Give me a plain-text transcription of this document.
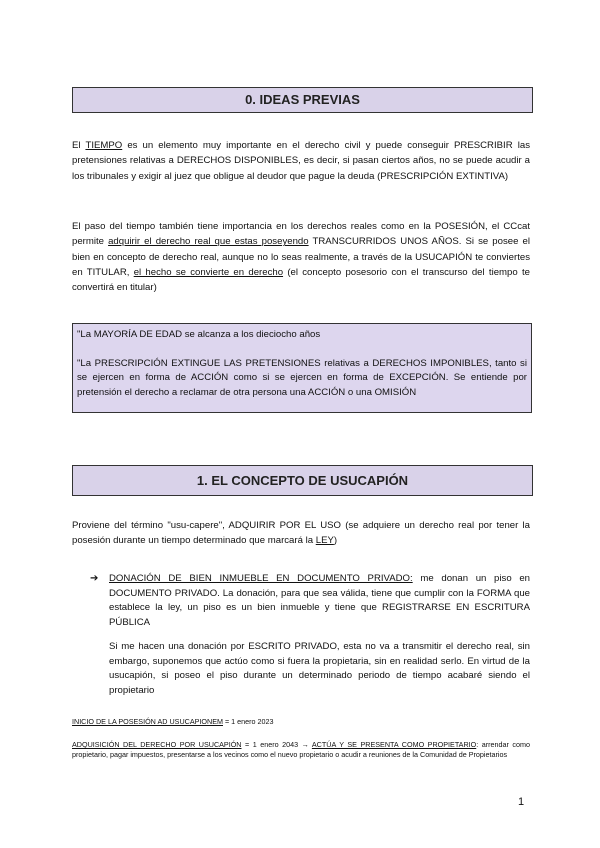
0. IDEAS PREVIAS
El TIEMPO es un elemento muy importante en el derecho civil y puede conseguir PRESCRIBIR las pretensiones relativas a DERECHOS DISPONIBLES, es decir, si pasan ciertos años, no se puede acudir a los tribunales y exigir al juez que obligue al deudor que pague la deuda (PRESCRIPCIÓN EXTINTIVA)
El paso del tiempo también tiene importancia en los derechos reales como en la POSESIÓN, el CCcat permite adquirir el derecho real que estas poseyendo TRANSCURRIDOS UNOS AÑOS. Si se posee el bien en concepto de derecho real, aunque no lo seas realmente, a través de la USUCAPIÓN te conviertes en TITULAR, el hecho se convierte en derecho (el concepto posesorio con el transcurso del tiempo te convertirá en titular)

"La MAYORÍA DE EDAD se alcanza a los dieciocho años

"La PRESCRIPCIÓN EXTINGUE LAS PRETENSIONES relativas a DERECHOS IMPONIBLES, tanto si se ejercen en forma de ACCIÓN como si se ejercen en forma de EXCEPCIÓN. Se entiende por pretensión el derecho a reclamar de otra persona una ACCIÓN o una OMISIÓN

1. EL CONCEPTO DE USUCAPIÓN
Proviene del término "usu-capere", ADQUIRIR POR EL USO (se adquiere un derecho real por tener la posesión durante un tiempo determinado que marcará la LEY)
➔	DONACIÓN DE BIEN INMUEBLE EN DOCUMENTO PRIVADO: me donan un piso en DOCUMENTO PRIVADO. La donación, para que sea válida, tiene que cumplir con la FORMA que establece la ley, un piso es un bien inmueble y tiene que REGISTRARSE EN ESCRITURA PÚBLICA
Si me hacen una donación por ESCRITO PRIVADO, esta no va a transmitir el derecho real, sin embargo, suponemos que actúo como si fuera la propietaria, sin en realidad serlo. En virtud de la usucapión, si poseo el piso durante un determinado periodo de tiempo acabaré siendo el propietario
INICIO DE LA POSESIÓN AD USUCAPIONEM = 1 enero 2023
ADQUISICIÓN DEL DERECHO POR USUCAPIÓN = 1 enero 2043 → ACTÚA Y SE PRESENTA COMO PROPIETARIO: arrendar como propietario, pagar impuestos, presentarse a los vecinos como el nuevo propietario o acudir a reuniones de la Comunidad de Propietarios
1
